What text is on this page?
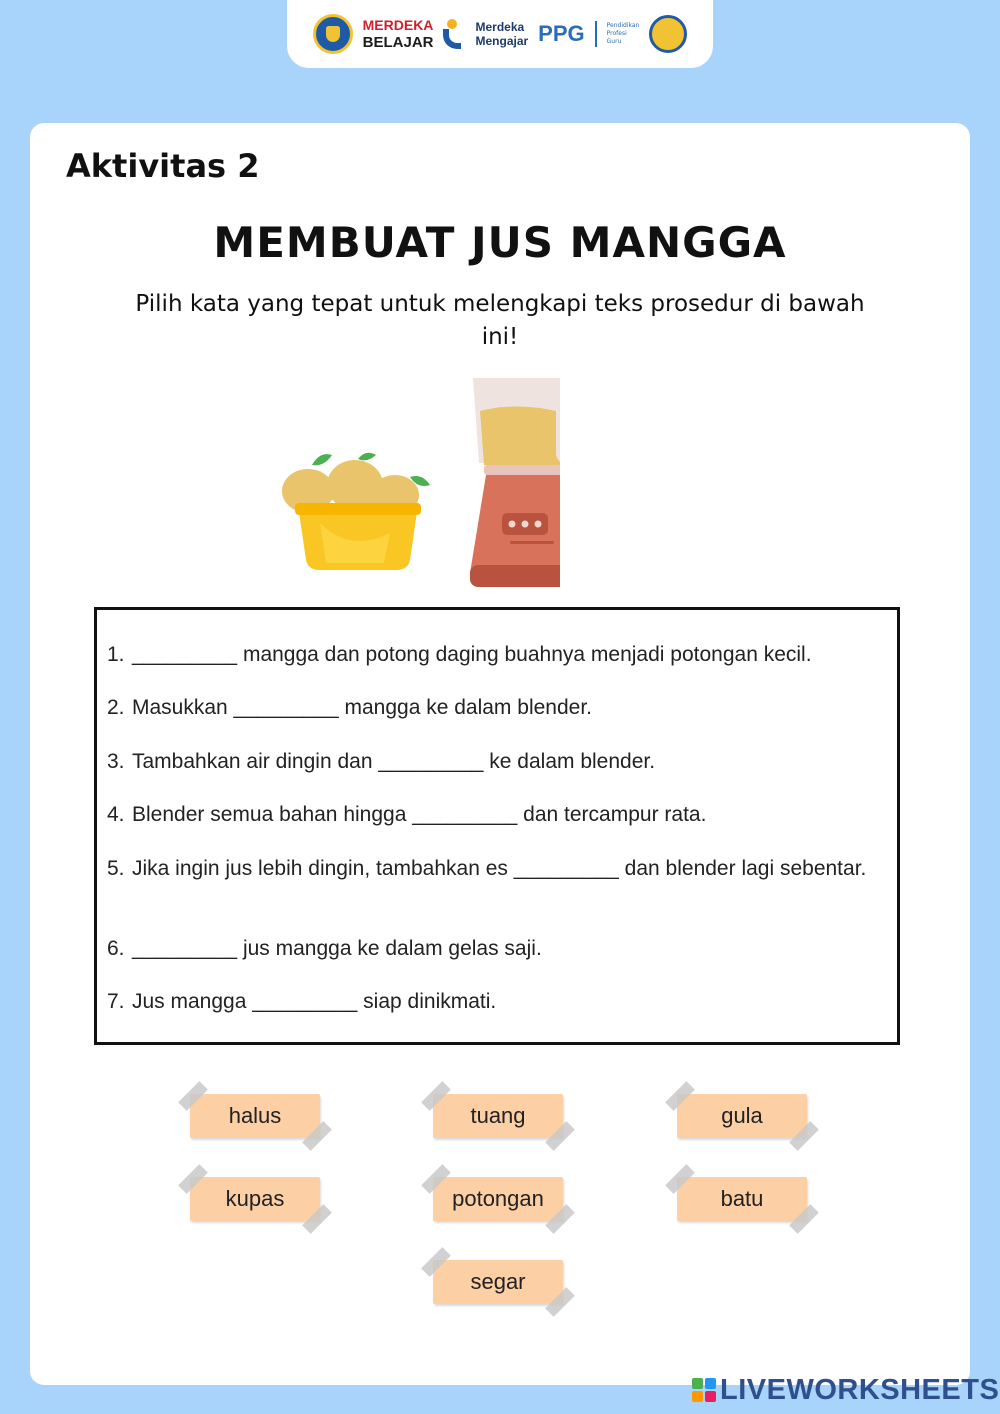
MERDEKA
BELAJAR
Merdeka
Mengajar PPG	Pendidikan
Profesi
Guru
Aktivitas 2
MEMBUAT JUS MANGGA
Pilih kata yang tepat untuk melengkapi teks prosedur di bawah ini!
1. _________ mangga dan potong daging buahnya menjadi potongan kecil.
2. Masukkan _________ mangga ke dalam blender.
3. Tambahkan air dingin dan _________ ke dalam blender.
4. Blender semua bahan hingga _________ dan tercampur rata.
5. Jika ingin jus lebih dingin, tambahkan es _________ dan blender lagi sebentar.
6. _________ jus mangga ke dalam gelas saji.
7. Jus mangga _________ siap dinikmati.
halus	tuang	gula
kupas	potongan	batu
segar
LIVEWORKSHEETS
